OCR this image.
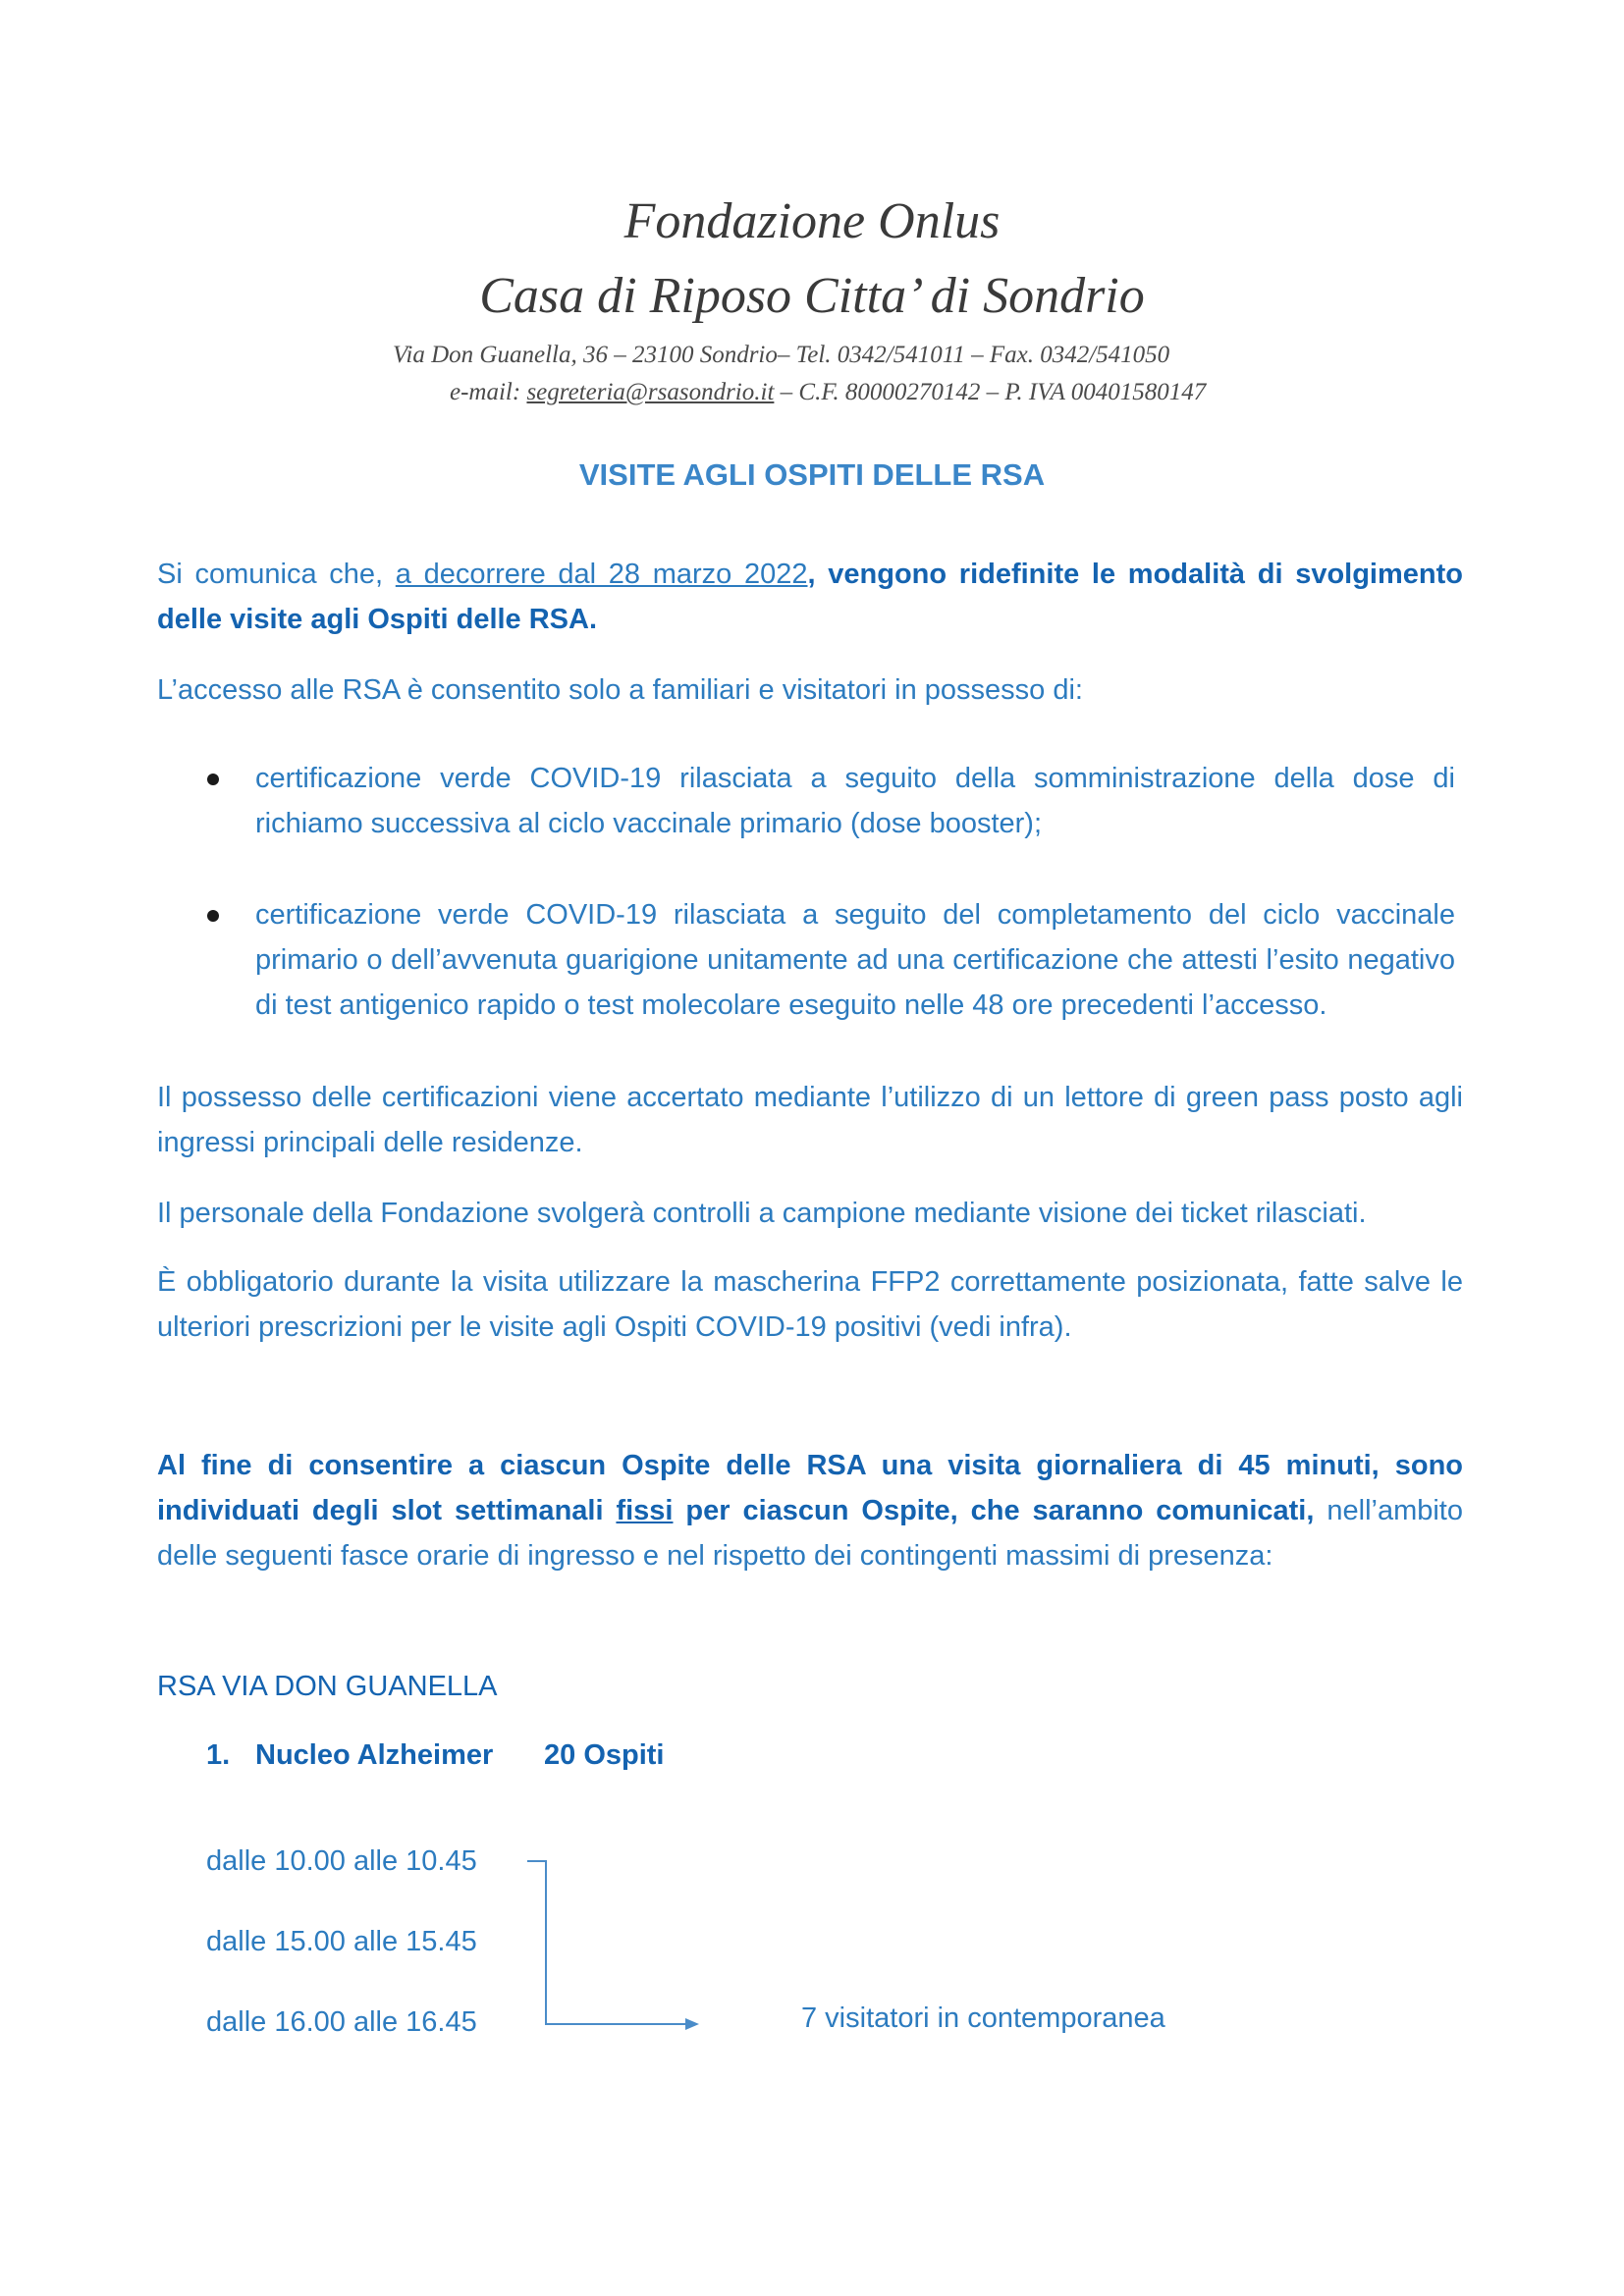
Fondazione Onlus
Casa di Riposo Citta’ di Sondrio
Via Don Guanella, 36 – 23100 Sondrio– Tel. 0342/541011 – Fax. 0342/541050
e-mail: segreteria@rsasondrio.it – C.F. 80000270142 – P. IVA 00401580147
VISITE AGLI OSPITI DELLE RSA
Si comunica che, a decorrere dal 28 marzo 2022, vengono ridefinite le modalità di svolgimento delle visite agli Ospiti delle RSA.
L’accesso alle RSA è consentito solo a familiari e visitatori in possesso di:
certificazione verde COVID-19 rilasciata a seguito della somministrazione della dose di richiamo successiva al ciclo vaccinale primario (dose booster);
certificazione verde COVID-19 rilasciata a seguito del completamento del ciclo vaccinale primario o dell’avvenuta guarigione unitamente ad una certificazione che attesti l’esito negativo di test antigenico rapido o test molecolare eseguito nelle 48 ore precedenti l’accesso.
Il possesso delle certificazioni viene accertato mediante l’utilizzo di un lettore di green pass posto agli ingressi principali delle residenze.
Il personale della Fondazione svolgerà controlli a campione mediante visione dei ticket rilasciati.
È obbligatorio durante la visita utilizzare la mascherina FFP2 correttamente posizionata, fatte salve le ulteriori prescrizioni per le visite agli Ospiti COVID-19 positivi (vedi infra).
Al fine di consentire a ciascun Ospite delle RSA una visita giornaliera di 45 minuti, sono individuati degli slot settimanali fissi per ciascun Ospite, che saranno comunicati, nell’ambito delle seguenti fasce orarie di ingresso e nel rispetto dei contingenti massimi di presenza:
RSA VIA DON GUANELLA
1. Nucleo Alzheimer 20 Ospiti
dalle 10.00 alle 10.45
dalle 15.00 alle 15.45
dalle 16.00 alle 16.45	7 visitatori in contemporanea
